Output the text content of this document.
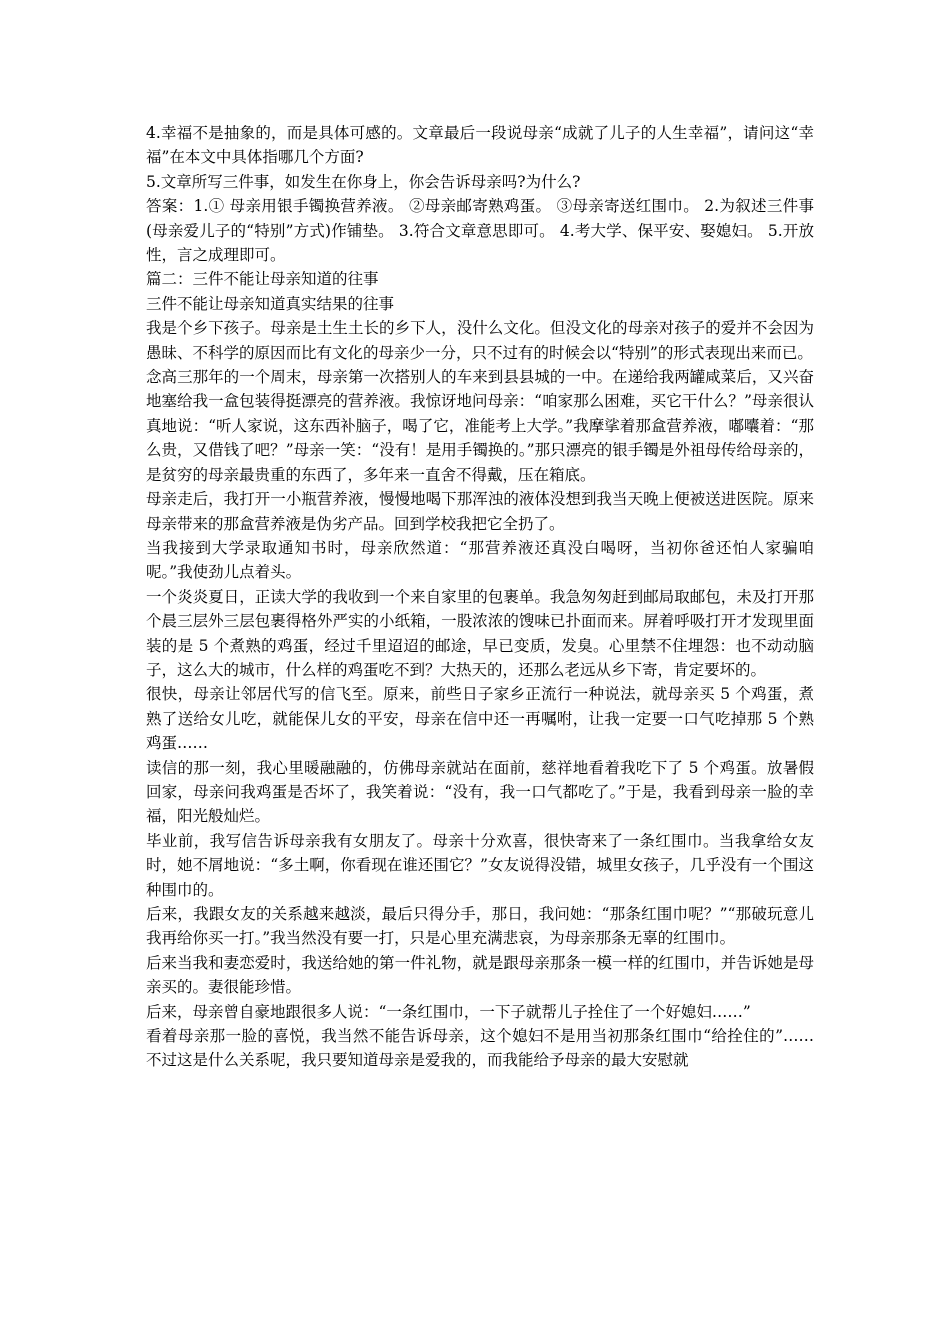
4.幸福不是抽象的，而是具体可感的。文章最后一段说母亲“成就了儿子的人生幸福”，请问这“幸福”在本文中具体指哪几个方面?

5.文章所写三件事，如发生在你身上，你会告诉母亲吗?为什么?

答案：1.① 母亲用银手镯换营养液。 ②母亲邮寄熟鸡蛋。 ③母亲寄送红围巾。 2.为叙述三件事(母亲爱儿子的“特别”方式)作铺垫。 3.符合文章意思即可。 4.考大学、保平安、娶媳妇。 5.开放性，言之成理即可。

篇二：三件不能让母亲知道的往事

三件不能让母亲知道真实结果的往事

我是个乡下孩子。母亲是土生土长的乡下人，没什么文化。但没文化的母亲对孩子的爱并不会因为愚昧、不科学的原因而比有文化的母亲少一分，只不过有的时候会以“特别”的形式表现出来而已。

念高三那年的一个周末，母亲第一次搭别人的车来到县县城的一中。在递给我两罐咸菜后，又兴奋地塞给我一盒包装得挺漂亮的营养液。我惊讶地问母亲：“咱家那么困难，买它干什么？”母亲很认真地说：“听人家说，这东西补脑子，喝了它，准能考上大学。”我摩挲着那盒营养液，嘟囔着：“那么贵，又借钱了吧？”母亲一笑：“没有！是用手镯换的。”那只漂亮的银手镯是外祖母传给母亲的，是贫穷的母亲最贵重的东西了，多年来一直舍不得戴，压在箱底。

母亲走后，我打开一小瓶营养液，慢慢地喝下那浑浊的液体没想到我当天晚上便被送进医院。原来母亲带来的那盒营养液是伪劣产品。回到学校我把它全扔了。

当我接到大学录取通知书时，母亲欣然道：“那营养液还真没白喝呀，当初你爸还怕人家骗咱呢。”我使劲儿点着头。

一个炎炎夏日，正读大学的我收到一个来自家里的包裹单。我急匆匆赶到邮局取邮包，未及打开那个晨三层外三层包裹得格外严实的小纸箱，一股浓浓的馊味已扑面而来。屏着呼吸打开才发现里面装的是 5 个煮熟的鸡蛋，经过千里迢迢的邮途，早已变质，发臭。心里禁不住埋怨：也不动动脑子，这么大的城市，什么样的鸡蛋吃不到？大热天的，还那么老远从乡下寄，肯定要坏的。

很快，母亲让邻居代写的信飞至。原来，前些日子家乡正流行一种说法，就母亲买 5 个鸡蛋，煮熟了送给女儿吃，就能保儿女的平安，母亲在信中还一再嘱咐，让我一定要一口气吃掉那 5 个熟鸡蛋……

读信的那一刻，我心里暖融融的，仿佛母亲就站在面前，慈祥地看着我吃下了 5 个鸡蛋。放暑假回家，母亲问我鸡蛋是否坏了，我笑着说：“没有，我一口气都吃了。”于是，我看到母亲一脸的幸福，阳光般灿烂。

毕业前，我写信告诉母亲我有女朋友了。母亲十分欢喜，很快寄来了一条红围巾。当我拿给女友时，她不屑地说：“多土啊，你看现在谁还围它？”女友说得没错，城里女孩子，几乎没有一个围这种围巾的。

后来，我跟女友的关系越来越淡，最后只得分手，那日，我问她：“那条红围巾呢？”“那破玩意儿我再给你买一打。”我当然没有要一打，只是心里充满悲哀，为母亲那条无辜的红围巾。

后来当我和妻恋爱时，我送给她的第一件礼物，就是跟母亲那条一模一样的红围巾，并告诉她是母亲买的。妻很能珍惜。

后来，母亲曾自豪地跟很多人说：“一条红围巾，一下子就帮儿子拴住了一个好媳妇……”

看着母亲那一脸的喜悦，我当然不能告诉母亲，这个媳妇不是用当初那条红围巾“给拴住的”…… 不过这是什么关系呢，我只要知道母亲是爱我的，而我能给予母亲的最大安慰就
